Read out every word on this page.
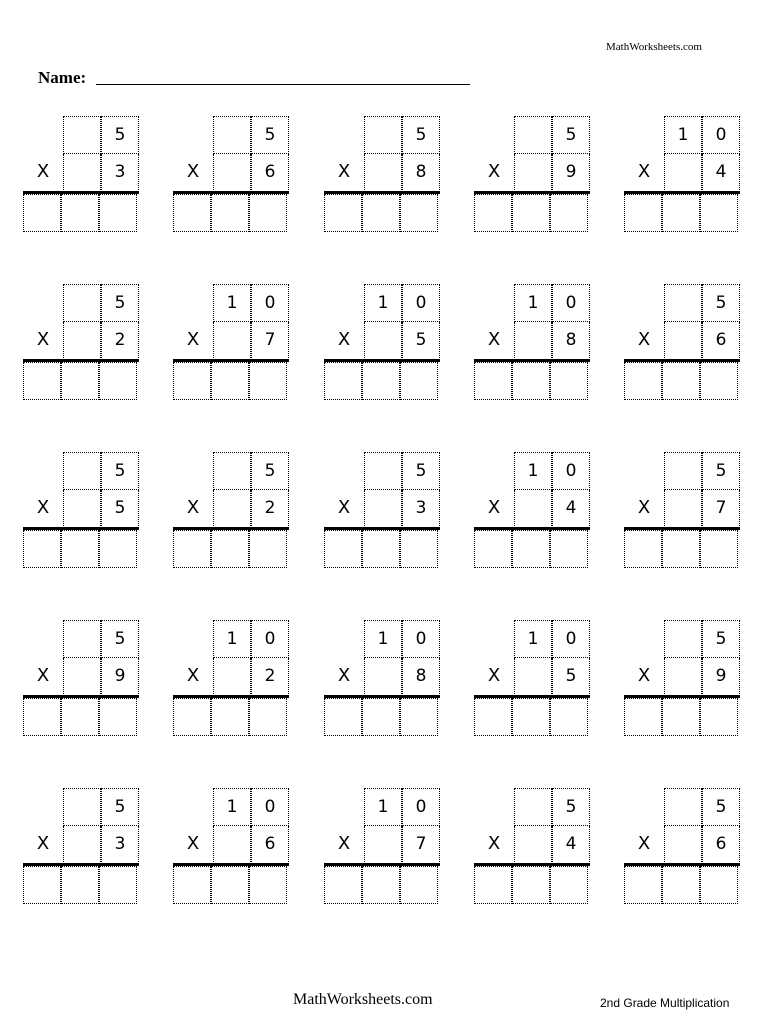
MathWorksheets.com
Name:
5
X	3
5
X	6
5
X	8
5
X	9
1	0
X	4
5
X	2
1	0
X	7
1	0
X	5
1	0
X	8
5
X	6
5
X	5
5
X	2
5
X	3
1	0
X	4
5
X	7
5
X	9
1	0
X	2
1	0
X	8
1	0
X	5
5
X	9
5
X	3
1	0
X	6
1	0
X	7
5
X	4
5
X	6
MathWorksheets.com	2nd Grade Multiplication
